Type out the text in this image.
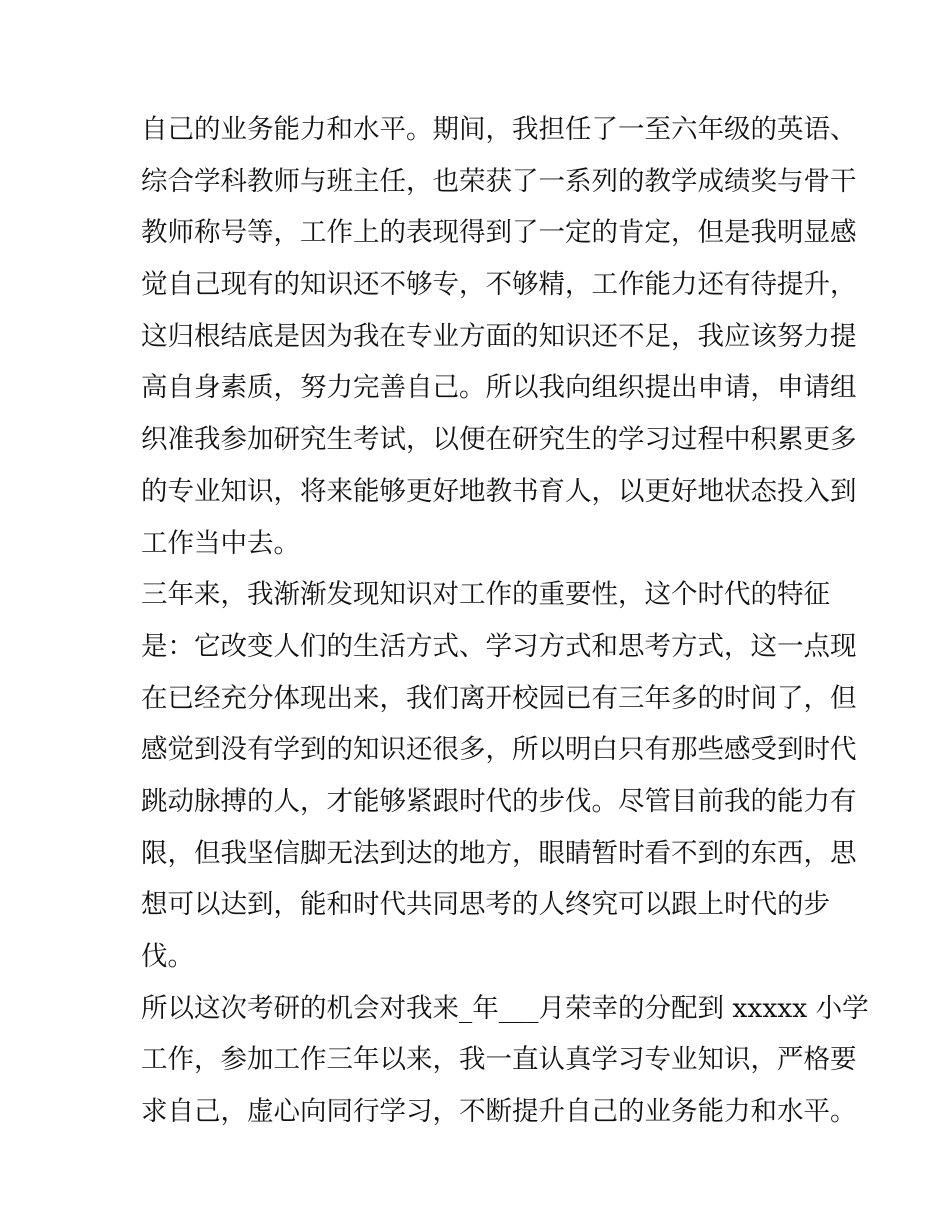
自己的业务能力和水平。期间，我担任了一至六年级的英语、
综合学科教师与班主任，也荣获了一系列的教学成绩奖与骨干
教师称号等，工作上的表现得到了一定的肯定，但是我明显感
觉自己现有的知识还不够专，不够精，工作能力还有待提升，
这归根结底是因为我在专业方面的知识还不足，我应该努力提
高自身素质，努力完善自己。所以我向组织提出申请，申请组
织准我参加研究生考试，以便在研究生的学习过程中积累更多
的专业知识，将来能够更好地教书育人，以更好地状态投入到
工作当中去。
三年来，我渐渐发现知识对工作的重要性，这个时代的特征
是：它改变人们的生活方式、学习方式和思考方式，这一点现
在已经充分体现出来，我们离开校园已有三年多的时间了，但
感觉到没有学到的知识还很多，所以明白只有那些感受到时代
跳动脉搏的人，才能够紧跟时代的步伐。尽管目前我的能力有
限，但我坚信脚无法到达的地方，眼睛暂时看不到的东西，思
想可以达到，能和时代共同思考的人终究可以跟上时代的步
伐。
所以这次考研的机会对我来_年___月荣幸的分配到 xxxxx 小学
工作，参加工作三年以来，我一直认真学习专业知识，严格要
求自己，虚心向同行学习，不断提升自己的业务能力和水平。
